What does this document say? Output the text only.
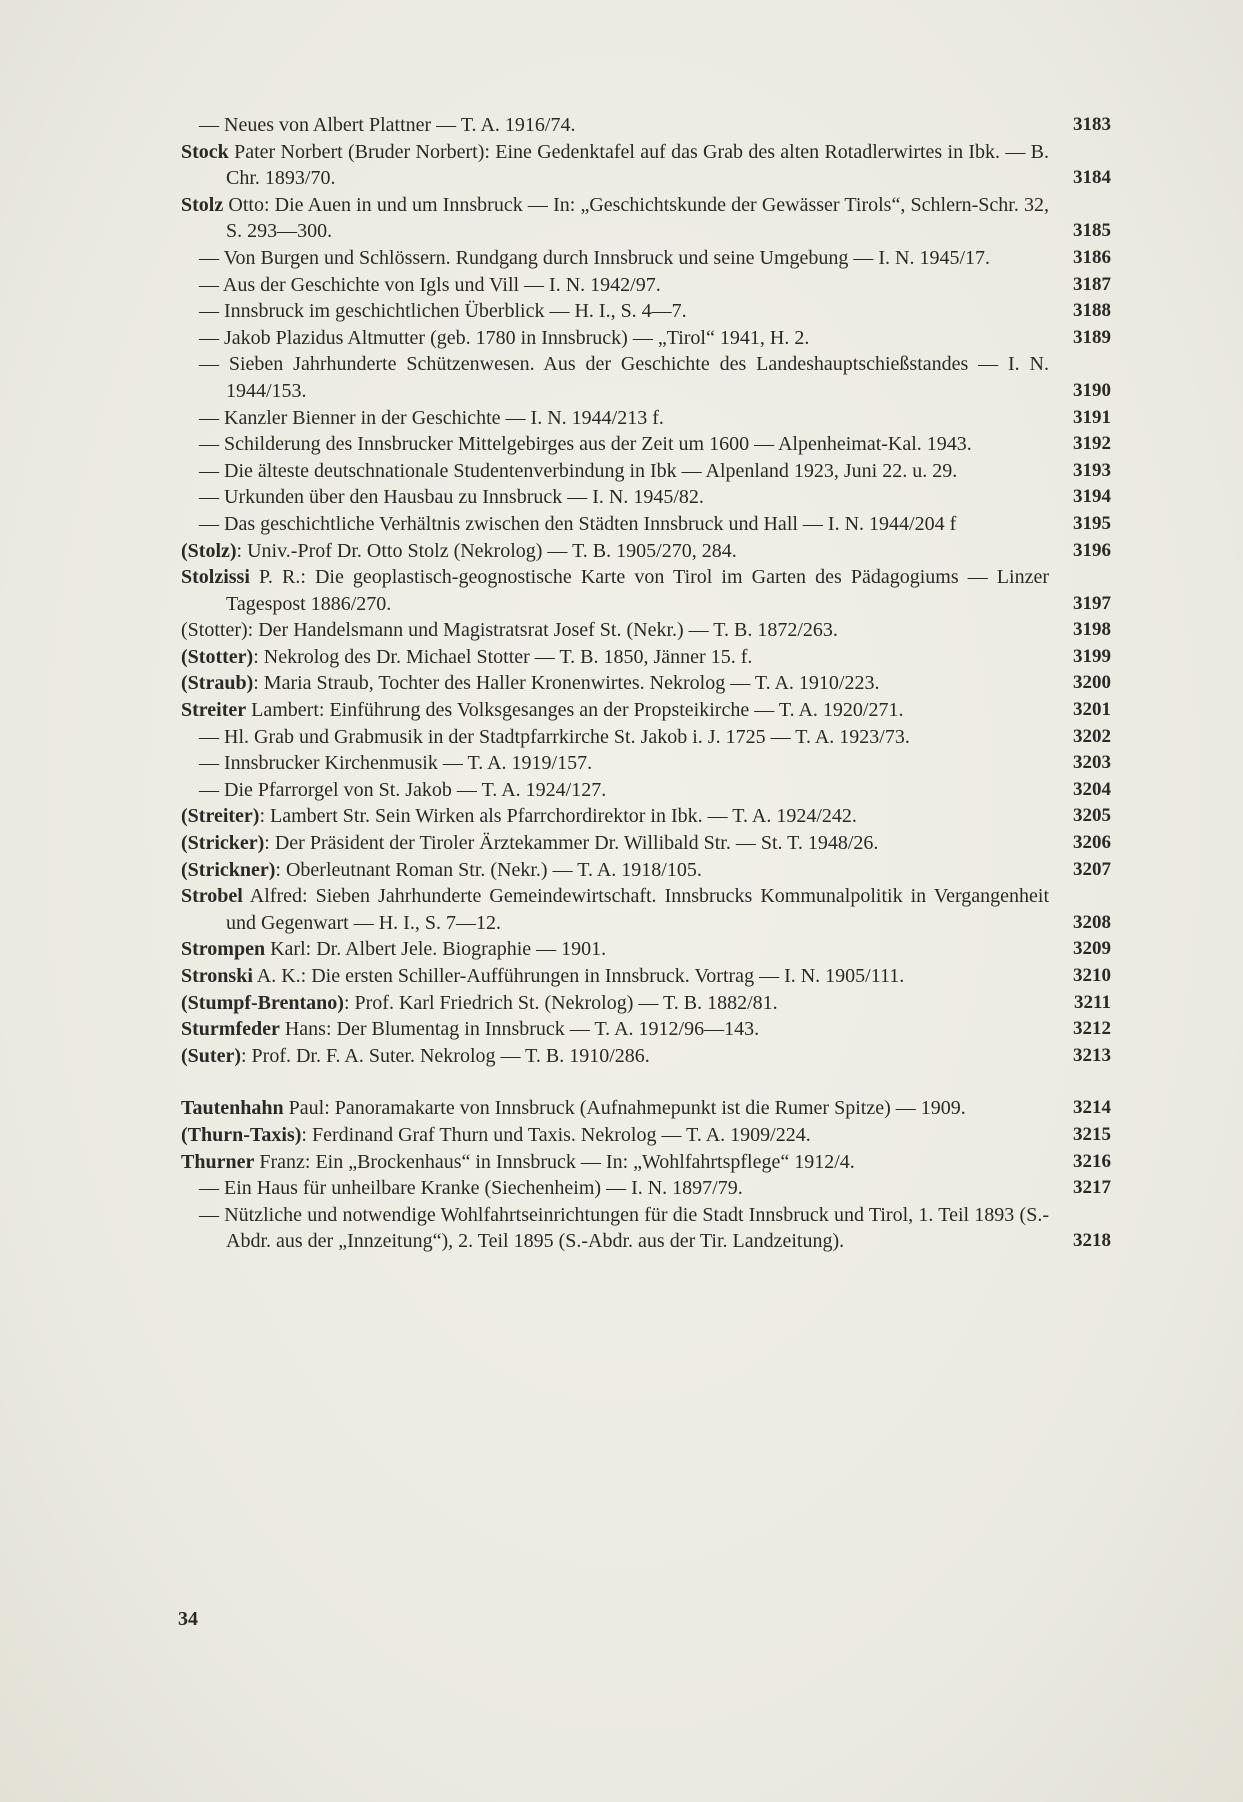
— Neues von Albert Plattner — T. A. 1916/74.	3183
Stock Pater Norbert (Bruder Norbert): Eine Gedenktafel auf das Grab des alten Rotadlerwirtes in Ibk. — B. Chr. 1893/70.	3184
Stolz Otto: Die Auen in und um Innsbruck — In: „Geschichtskunde der Gewässer Tirols“, Schlern-Schr. 32, S. 293—300.	3185
— Von Burgen und Schlössern. Rundgang durch Innsbruck und seine Umgebung — I. N. 1945/17.	3186
— Aus der Geschichte von Igls und Vill — I. N. 1942/97.	3187
— Innsbruck im geschichtlichen Überblick — H. I., S. 4—7.	3188
— Jakob Plazidus Altmutter (geb. 1780 in Innsbruck) — „Tirol“ 1941, H. 2.	3189
— Sieben Jahrhunderte Schützenwesen. Aus der Geschichte des Landeshauptschießstandes — I. N. 1944/153.	3190
— Kanzler Bienner in der Geschichte — I. N. 1944/213 f.	3191
— Schilderung des Innsbrucker Mittelgebirges aus der Zeit um 1600 — Alpenheimat-Kal. 1943.	3192
— Die älteste deutschnationale Studentenverbindung in Ibk — Alpenland 1923, Juni 22. u. 29.	3193
— Urkunden über den Hausbau zu Innsbruck — I. N. 1945/82.	3194
— Das geschichtliche Verhältnis zwischen den Städten Innsbruck und Hall — I. N. 1944/204 f	3195
(Stolz): Univ.-Prof Dr. Otto Stolz (Nekrolog) — T. B. 1905/270, 284.	3196
Stolzissi P. R.: Die geoplastisch-geognostische Karte von Tirol im Garten des Pädagogiums — Linzer Tagespost 1886/270.	3197
(Stotter): Der Handelsmann und Magistratsrat Josef St. (Nekr.) — T. B. 1872/263.	3198
(Stotter): Nekrolog des Dr. Michael Stotter — T. B. 1850, Jänner 15. f.	3199
(Straub): Maria Straub, Tochter des Haller Kronenwirtes. Nekrolog — T. A. 1910/223.	3200
Streiter Lambert: Einführung des Volksgesanges an der Propsteikirche — T. A. 1920/271.	3201
— Hl. Grab und Grabmusik in der Stadtpfarrkirche St. Jakob i. J. 1725 — T. A. 1923/73.	3202
— Innsbrucker Kirchenmusik — T. A. 1919/157.	3203
— Die Pfarrorgel von St. Jakob — T. A. 1924/127.	3204
(Streiter): Lambert Str. Sein Wirken als Pfarrchordirektor in Ibk. — T. A. 1924/242.	3205
(Stricker): Der Präsident der Tiroler Ärztekammer Dr. Willibald Str. — St. T. 1948/26.	3206
(Strickner): Oberleutnant Roman Str. (Nekr.) — T. A. 1918/105.	3207
Strobel Alfred: Sieben Jahrhunderte Gemeindewirtschaft. Innsbrucks Kommunalpolitik in Vergangenheit und Gegenwart — H. I., S. 7—12.	3208
Strompen Karl: Dr. Albert Jele. Biographie — 1901.	3209
Stronski A. K.: Die ersten Schiller-Aufführungen in Innsbruck. Vortrag — I. N. 1905/111.	3210
(Stumpf-Brentano): Prof. Karl Friedrich St. (Nekrolog) — T. B. 1882/81.	3211
Sturmfeder Hans: Der Blumentag in Innsbruck — T. A. 1912/96—143.	3212
(Suter): Prof. Dr. F. A. Suter. Nekrolog — T. B. 1910/286.	3213
Tautenhahn Paul: Panoramakarte von Innsbruck (Aufnahmepunkt ist die Rumer Spitze) — 1909.	3214
(Thurn-Taxis): Ferdinand Graf Thurn und Taxis. Nekrolog — T. A. 1909/224.	3215
Thurner Franz: Ein „Brockenhaus“ in Innsbruck — In: „Wohlfahrtspflege“ 1912/4.	3216
— Ein Haus für unheilbare Kranke (Siechenheim) — I. N. 1897/79.	3217
— Nützliche und notwendige Wohlfahrtseinrichtungen für die Stadt Innsbruck und Tirol, 1. Teil 1893 (S.-Abdr. aus der „Innzeitung“), 2. Teil 1895 (S.-Abdr. aus der Tir. Landzeitung).	3218
34
